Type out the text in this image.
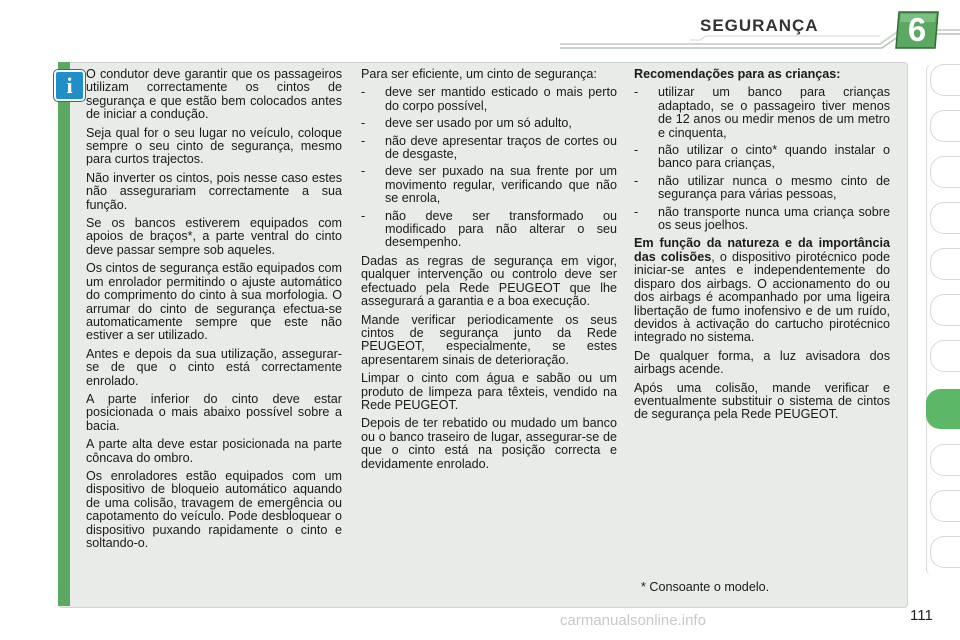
SEGURANÇA	6
i	O condutor deve garantir que os passageiros utilizam correctamente os cintos de segurança e que estão bem colocados antes de iniciar a condução.

Seja qual for o seu lugar no veículo, coloque sempre o seu cinto de segurança, mesmo para curtos trajectos.

Não inverter os cintos, pois nesse caso estes não assegurariam correctamente a sua função.

Se os bancos estiverem equipados com apoios de braços*, a parte ventral do cinto deve passar sempre sob aqueles.

Os cintos de segurança estão equipados com um enrolador permitindo o ajuste automático do comprimento do cinto à sua morfologia. O arrumar do cinto de segurança efectua-se automaticamente sempre que este não estiver a ser utilizado.

Antes e depois da sua utilização, assegurar-se de que o cinto está correctamente enrolado.

A parte inferior do cinto deve estar posicionada o mais abaixo possível sobre a bacia.

A parte alta deve estar posicionada na parte côncava do ombro.

Os enroladores estão equipados com um dispositivo de bloqueio automático aquando de uma colisão, travagem de emergência ou capotamento do veículo. Pode desbloquear o dispositivo puxando rapidamente o cinto e soltando-o.

Para ser eficiente, um cinto de segurança:

- deve ser mantido esticado o mais perto do corpo possível,
- deve ser usado por um só adulto,
- não deve apresentar traços de cortes ou de desgaste,
- deve ser puxado na sua frente por um movimento regular, verificando que não se enrola,
- não deve ser transformado ou modificado para não alterar o seu desempenho.

Dadas as regras de segurança em vigor, qualquer intervenção ou controlo deve ser efectuado pela Rede PEUGEOT que lhe assegurará a garantia e a boa execução.

Mande verificar periodicamente os seus cintos de segurança junto da Rede PEUGEOT, especialmente, se estes apresentarem sinais de deterioração.

Limpar o cinto com água e sabão ou um produto de limpeza para têxteis, vendido na Rede PEUGEOT.

Depois de ter rebatido ou mudado um banco ou o banco traseiro de lugar, assegurar-se de que o cinto está na posição correcta e devidamente enrolado.

Recomendações para as crianças:
- utilizar um banco para crianças adaptado, se o passageiro tiver menos de 12 anos ou medir menos de um metro e cinquenta,
- não utilizar o cinto* quando instalar o banco para crianças,
- não utilizar nunca o mesmo cinto de segurança para várias pessoas,
- não transporte nunca uma criança sobre os seus joelhos.

Em função da natureza e da importância das colisões, o dispositivo pirotécnico pode iniciar-se antes e independentemente do disparo dos airbags. O accionamento do ou dos airbags é acompanhado por uma ligeira libertação de fumo inofensivo e de um ruído, devidos à activação do cartucho pirotécnico integrado no sistema.

De qualquer forma, a luz avisadora dos airbags acende.

Após uma colisão, mande verificar e eventualmente substituir o sistema de cintos de segurança pela Rede PEUGEOT.

* Consoante o modelo.
carmanualsonline.info	111
